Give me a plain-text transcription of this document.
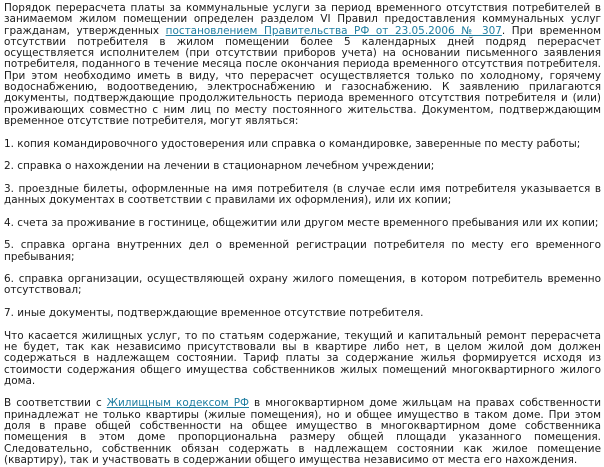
Порядок перерасчета платы за коммунальные услуги за период временного отсутствия потребителей в занимаемом жилом помещении определен разделом VI Правил предоставления коммунальных услуг гражданам, утвержденных постановлением Правительства РФ от 23.05.2006 № 307. При временном отсутствии потребителя в жилом помещении более 5 календарных дней подряд перерасчет осуществляется исполнителем (при отсутствии приборов учета) на основании письменного заявления потребителя, поданного в течение месяца после окончания периода временного отсутствия потребителя. При этом необходимо иметь в виду, что перерасчет осуществляется только по холодному, горячему водоснабжению, водоотведению, электроснабжению и газоснабжению. К заявлению прилагаются документы, подтверждающие продолжительность периода временного отсутствия потребителя и (или) проживающих совместно с ним лиц по месту постоянного жительства. Документом, подтверждающим временное отсутствие потребителя, могут являться:

1. копия командировочного удостоверения или справка о командировке, заверенные по месту работы;

2. справка о нахождении на лечении в стационарном лечебном учреждении;

3. проездные билеты, оформленные на имя потребителя (в случае если имя потребителя указывается в данных документах в соответствии с правилами их оформления), или их копии;

4. счета за проживание в гостинице, общежитии или другом месте временного пребывания или их копии;

5. справка органа внутренних дел о временной регистрации потребителя по месту его временного пребывания;

6. справка организации, осуществляющей охрану жилого помещения, в котором потребитель временно отсутствовал;

7. иные документы, подтверждающие временное отсутствие потребителя.

Что касается жилищных услуг, то по статьям содержание, текущий и капитальный ремонт перерасчета не будет, так как независимо присутствовали вы в квартире либо нет, в целом жилой дом должен содержаться в надлежащем состоянии. Тариф платы за содержание жилья формируется исходя из стоимости содержания общего имущества собственников жилых помещений многоквартирного жилого дома.

В соответствии с Жилищным кодексом РФ в многоквартирном доме жильцам на правах собственности принадлежат не только квартиры (жилые помещения), но и общее имущество в таком доме. При этом доля в праве общей собственности на общее имущество в многоквартирном доме собственника помещения в этом доме пропорциональна размеру общей площади указанного помещения. Следовательно, собственник обязан содержать в надлежащем состоянии как жилое помещение (квартиру), так и участвовать в содержании общего имущества независимо от места его нахождения.
